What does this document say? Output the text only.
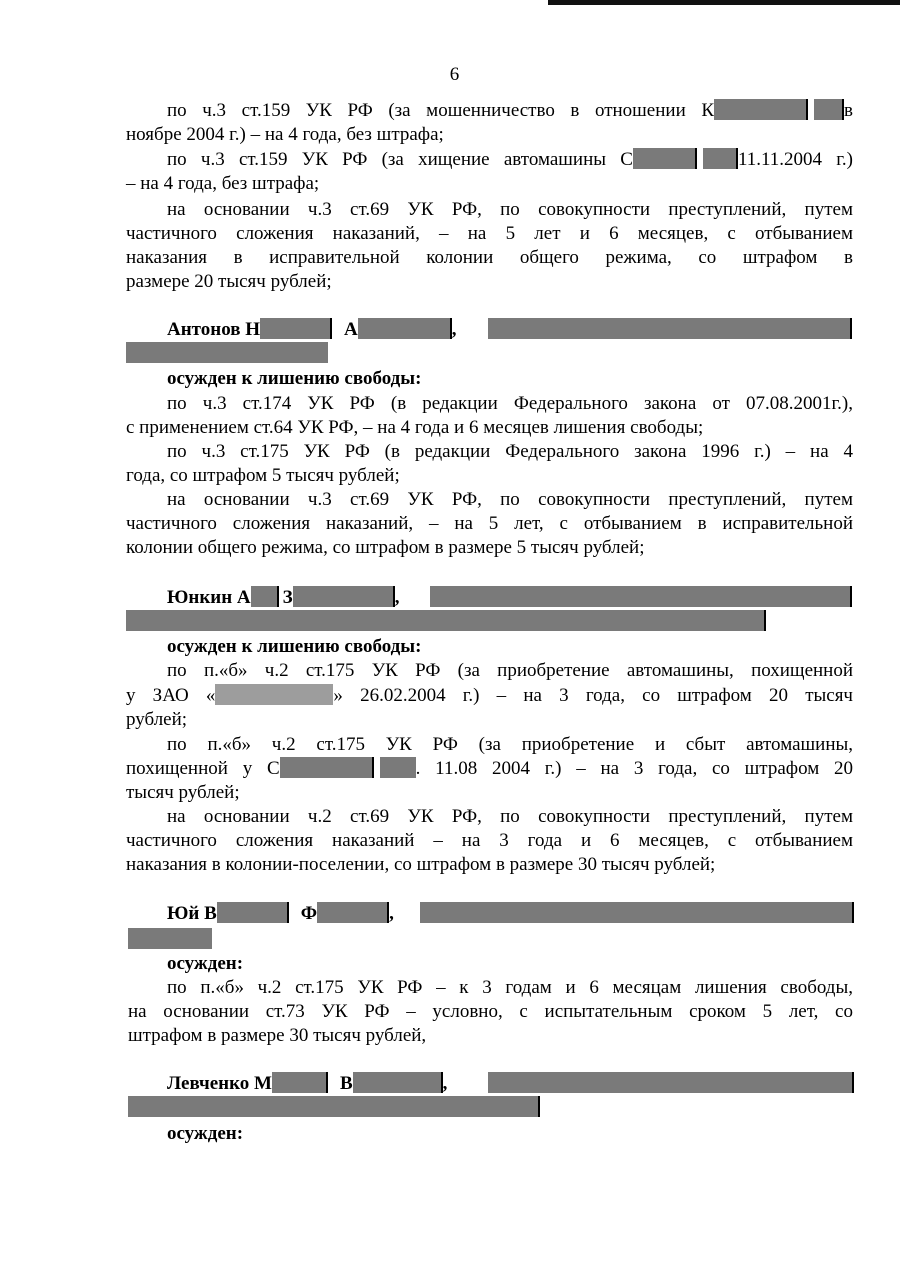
6
по ч.3 ст.159 УК РФ (за мошенничество в отношении К	в
ноябре 2004 г.) – на 4 года, без штрафа;
по ч.3 ст.159 УК РФ (за хищение автомашины С	11.11.2004 г.)
– на 4 года, без штрафа;
на основании ч.3 ст.69 УК РФ, по совокупности преступлений, путем
частичного сложения наказаний, – на 5 лет и 6 месяцев, с отбыванием
наказания в исправительной колонии общего режима, со штрафом в
размере 20 тысяч рублей;
Антонов Н	А	,
осужден к лишению свободы:
по ч.3 ст.174 УК РФ (в редакции Федерального закона от 07.08.2001г.),
с применением ст.64 УК РФ, – на 4 года и 6 месяцев лишения свободы;
по ч.3 ст.175 УК РФ (в редакции Федерального закона 1996 г.) – на 4
года, со штрафом 5 тысяч рублей;
на основании ч.3 ст.69 УК РФ, по совокупности преступлений, путем
частичного сложения наказаний, – на 5 лет, с отбыванием в исправительной
колонии общего режима, со штрафом в размере 5 тысяч рублей;
Юнкин А З	,
осужден к лишению свободы:
по п.«б» ч.2 ст.175 УК РФ (за приобретение автомашины, похищенной
у ЗАО «	» 26.02.2004 г.) – на 3 года, со штрафом 20 тысяч
рублей;
по п.«б» ч.2 ст.175 УК РФ (за приобретение и сбыт автомашины,
похищенной у С	. 11.08 2004 г.) – на 3 года, со штрафом 20
тысяч рублей;
на основании ч.2 ст.69 УК РФ, по совокупности преступлений, путем
частичного сложения наказаний – на 3 года и 6 месяцев, с отбыванием
наказания в колонии-поселении, со штрафом в размере 30 тысяч рублей;
Юй В	Ф	,
осужден:
по п.«б» ч.2 ст.175 УК РФ – к 3 годам и 6 месяцам лишения свободы,
на основании ст.73 УК РФ – условно, с испытательным сроком 5 лет, со
штрафом в размере 30 тысяч рублей,
Левченко М	В	,
осужден:
